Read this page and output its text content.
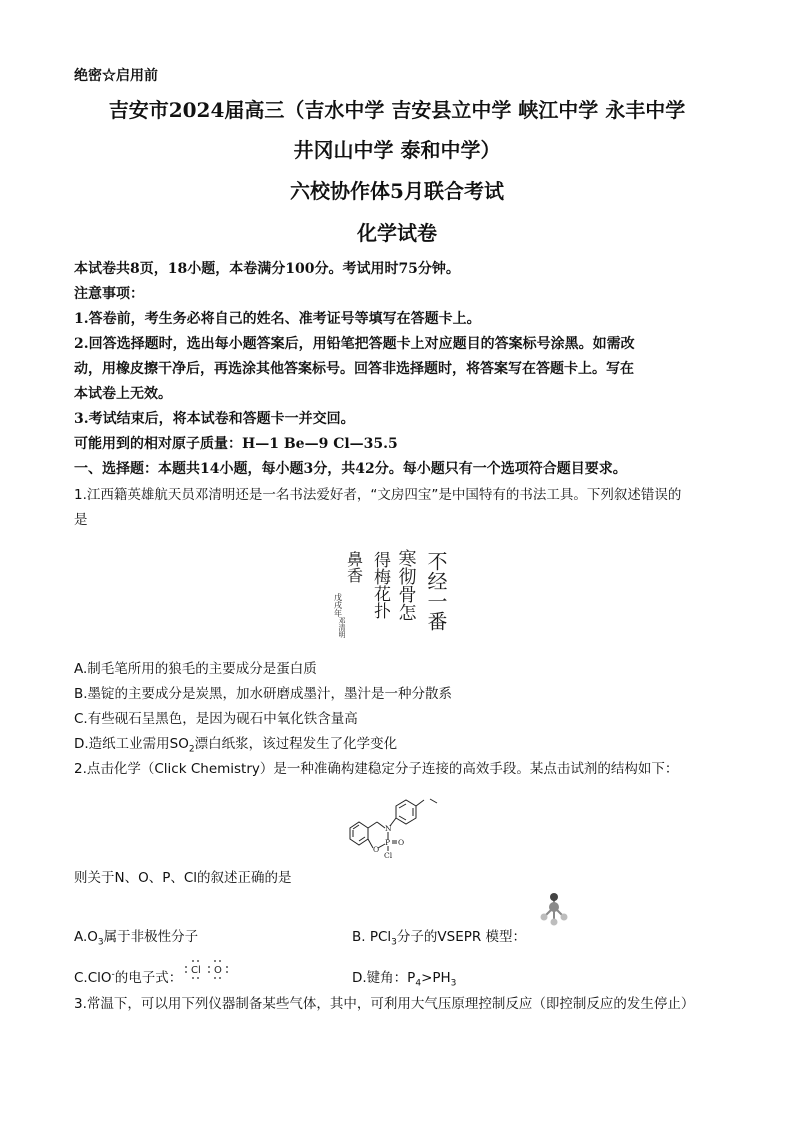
绝密☆启用前
吉安市2024届高三（吉水中学 吉安县立中学 峡江中学 永丰中学
井冈山中学 泰和中学）
六校协作体5月联合考试
化学试卷
本试卷共8页，18小题，本卷满分100分。考试用时75分钟。
注意事项：
1.答卷前，考生务必将自己的姓名、准考证号等填写在答题卡上。
2.回答选择题时，选出每小题答案后，用铅笔把答题卡上对应题目的答案标号涂黑。如需改
动，用橡皮擦干净后，再选涂其他答案标号。回答非选择题时，将答案写在答题卡上。写在
本试卷上无效。
3.考试结束后，将本试卷和答题卡一并交回。
可能用到的相对原子质量：H—1 Be—9 Cl—35.5
一、选择题：本题共14小题，每小题3分，共42分。每小题只有一个选项符合题目要求。
1.江西籍英雄航天员邓清明还是一名书法爱好者，“文房四宝”是中国特有的书法工具。下列叙述错误的
是
不经一番
寒彻骨怎
得梅花扑
鼻香
戊戌年
邓清明
A.制毛笔所用的狼毛的主要成分是蛋白质
B.墨锭的主要成分是炭黑，加水研磨成墨汁，墨汁是一种分散系
C.有些砚石呈黑色，是因为砚石中氧化铁含量高
D.造纸工业需用$SO_2$漂白纸浆，该过程发生了化学变化
2.点击化学（Click Chemistry）是一种准确构建稳定分子连接的高效手段。某点击试剂的结构如下：
N
P
O
O
Cl
则关于N、O、P、Cl的叙述正确的是
$A.O_3$属于非极性分子	B. PCl$_3$分子的VSEPR 模型：
C.ClO-的电子式： Cl O	D.键角：$P_4>PH_3$
3.常温下，可以用下列仪器制备某些气体，其中，可利用大气压原理控制反应（即控制反应的发生停止）
